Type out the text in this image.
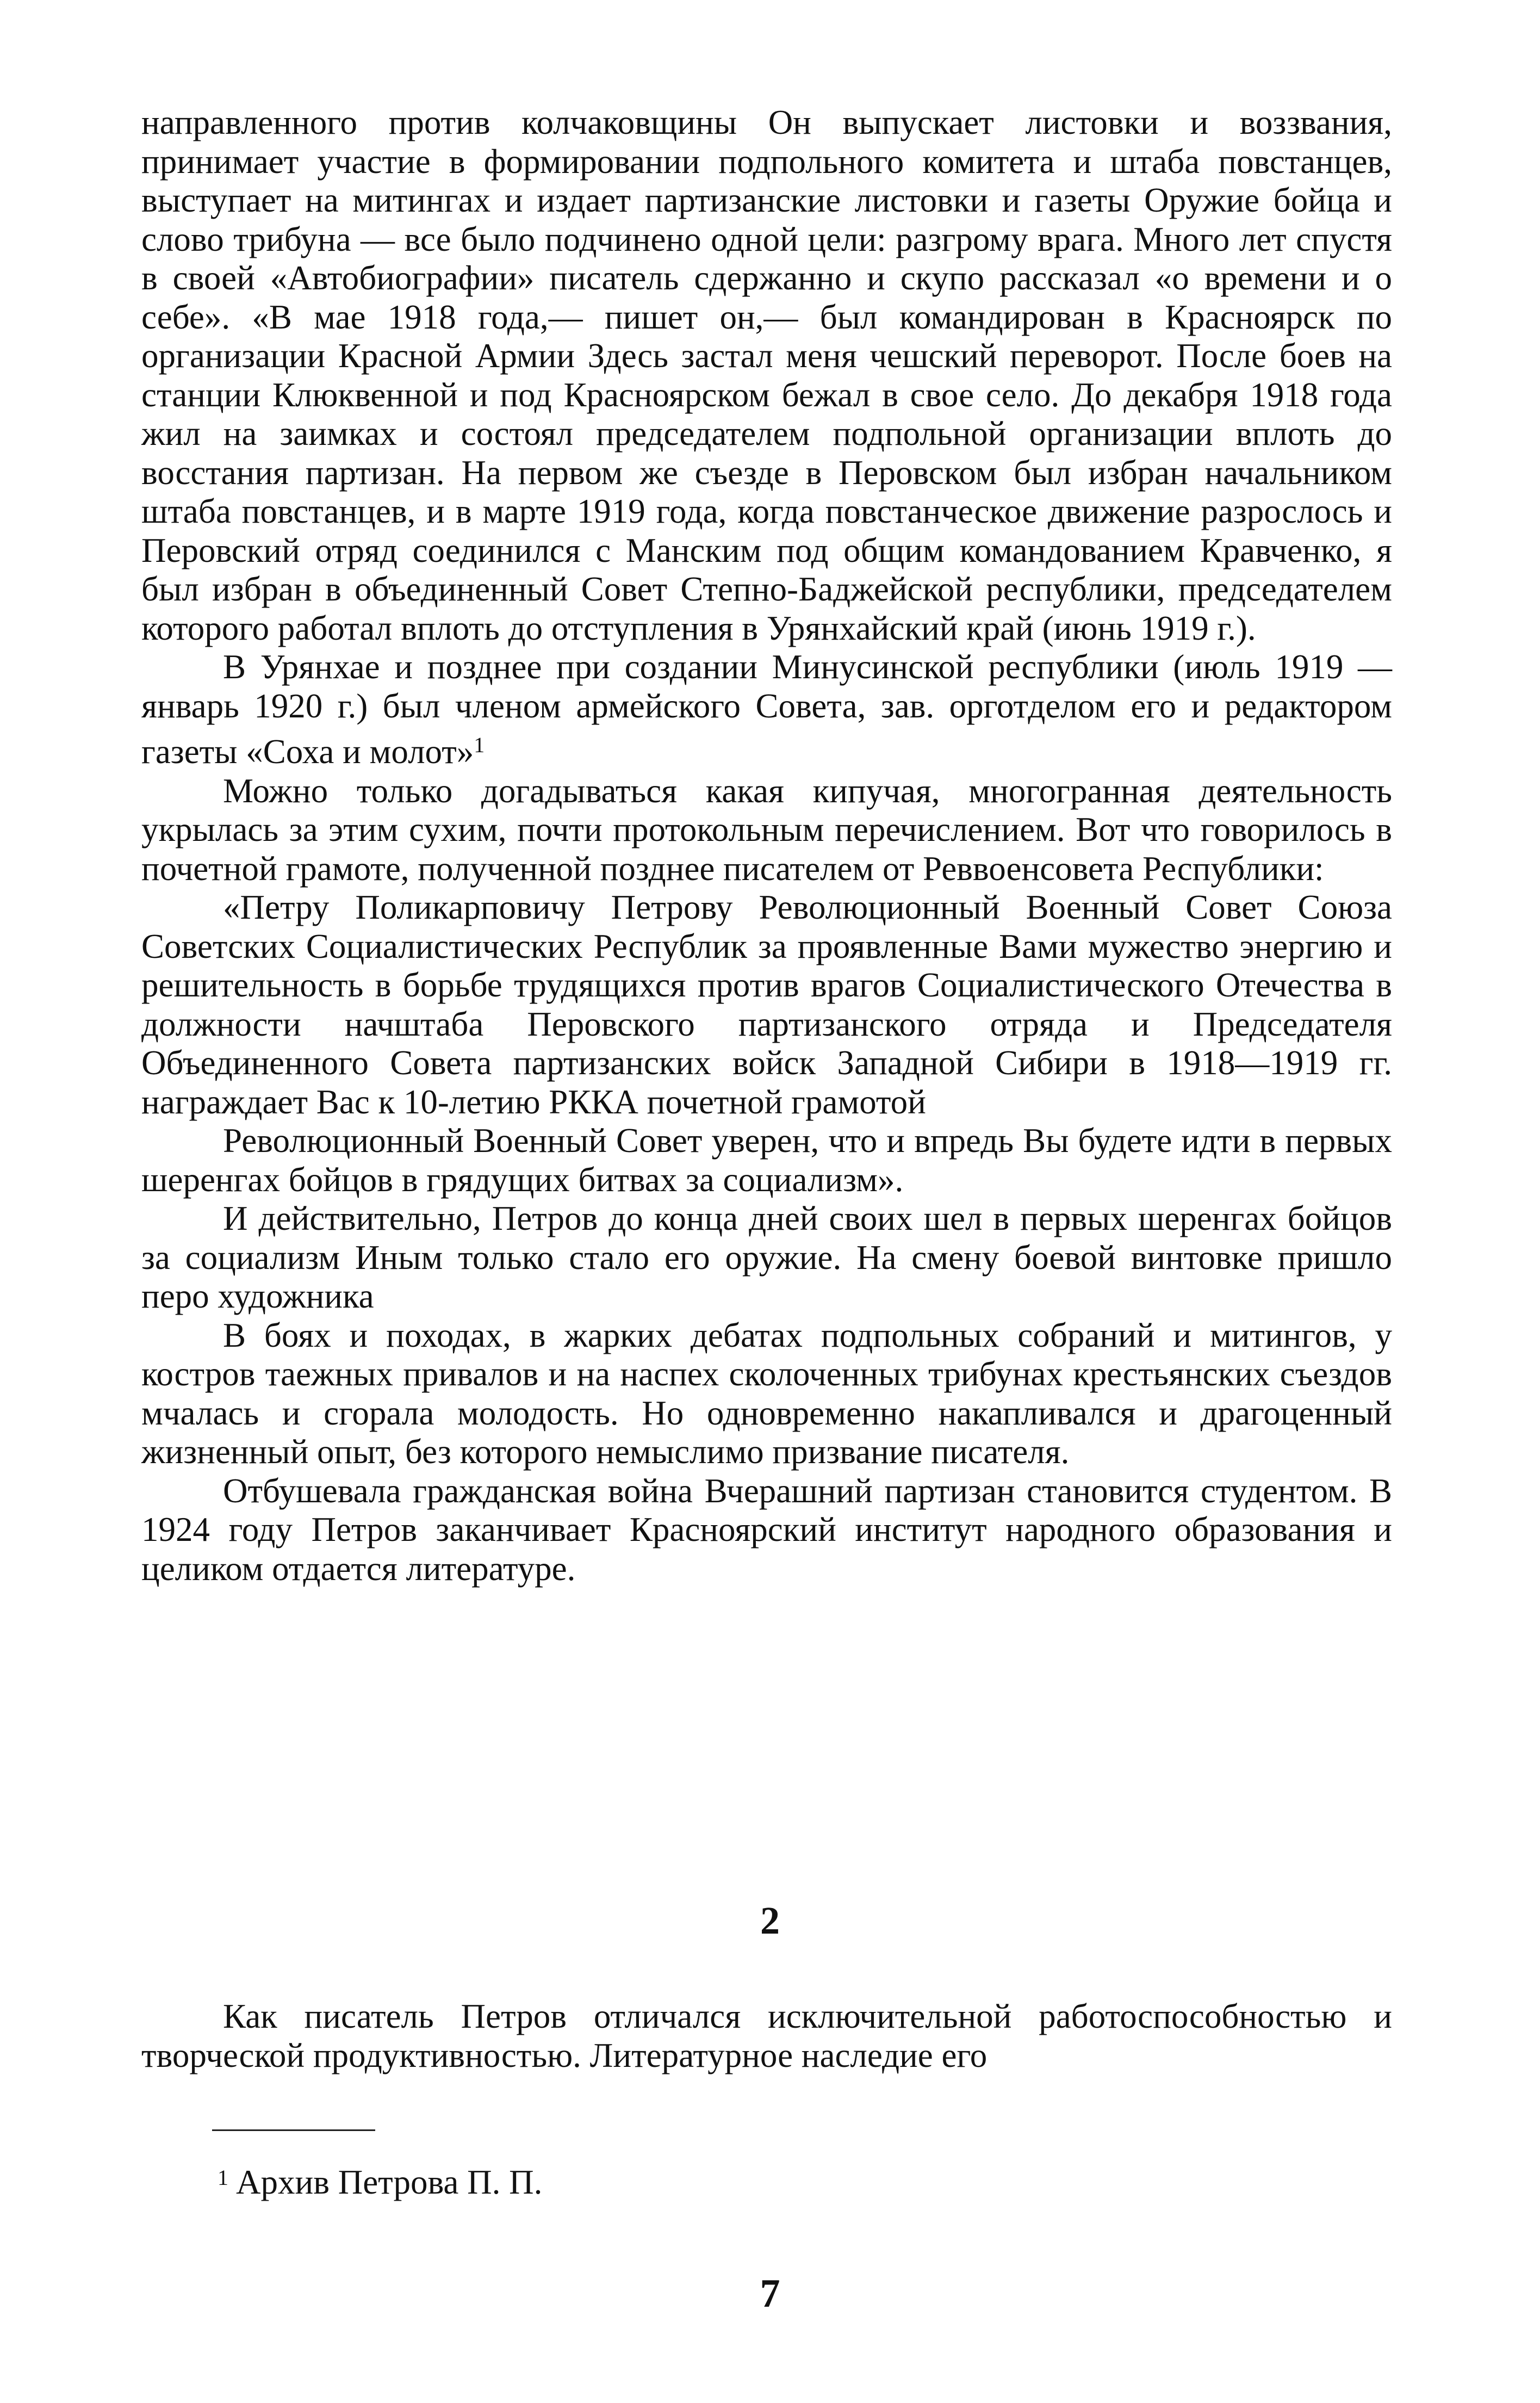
направленного против колчаковщины Он выпускает листовки и воззвания, принимает участие в формировании подпольного комитета и штаба повстанцев, выступает на митингах и издает партизанские листовки и газеты Оружие бойца и слово трибуна — все было подчинено одной цели: разгрому врага. Много лет спустя в своей «Автобиографии» писатель сдержанно и скупо рассказал «о времени и о себе». «В мае 1918 года,— пишет он,— был командирован в Красноярск по организации Красной Армии Здесь застал меня чешский переворот. После боев на станции Клюквенной и под Красноярском бежал в свое село. До декабря 1918 года жил на заимках и состоял председателем подпольной организации вплоть до восстания партизан. На первом же съезде в Перовском был избран начальником штаба повстанцев, и в марте 1919 года, когда повстанческое движение разрослось и Перовский отряд соединился с Манским под общим командованием Кравченко, я был избран в объединенный Совет Степно-Баджейской республики, председателем которого работал вплоть до отступления в Урянхайский край (июнь 1919 г.).

В Урянхае и позднее при создании Минусинской республики (июль 1919 — январь 1920 г.) был членом армейского Совета, зав. орготделом его и редактором газеты «Соха и молот»$^1$

Можно только догадываться какая кипучая, многогранная деятельность укрылась за этим сухим, почти протокольным перечислением. Вот что говорилось в почетной грамоте, полученной позднее писателем от Реввоенсовета Республики:

«Петру Поликарповичу Петрову Революционный Военный Совет Союза Советских Социалистических Республик за проявленные Вами мужество энергию и решительность в борьбе трудящихся против врагов Социалистического Отечества в должности начштаба Перовского партизанского отряда и Председателя Объединенного Совета партизанских войск Западной Сибири в 1918—1919 гг. награждает Вас к 10-летию РККА почетной грамотой

Революционный Военный Совет уверен, что и впредь Вы будете идти в первых шеренгах бойцов в грядущих битвах за социализм».

И действительно, Петров до конца дней своих шел в первых шеренгах бойцов за социализм Иным только стало его оружие. На смену боевой винтовке пришло перо художника

В боях и походах, в жарких дебатах подпольных собраний и митингов, у костров таежных привалов и на наспех сколоченных трибунах крестьянских съездов мчалась и сгорала молодость. Но одновременно накапливался и драгоценный жизненный опыт, без которого немыслимо призвание писателя.

Отбушевала гражданская война Вчерашний партизан становится студентом. В 1924 году Петров заканчивает Красноярский институт народного образования и целиком отдается литературе.

2

Как писатель Петров отличался исключительной работоспособностью и творческой продуктивностью. Литературное наследие его

$^1$ Архив Петрова П. П.
7
